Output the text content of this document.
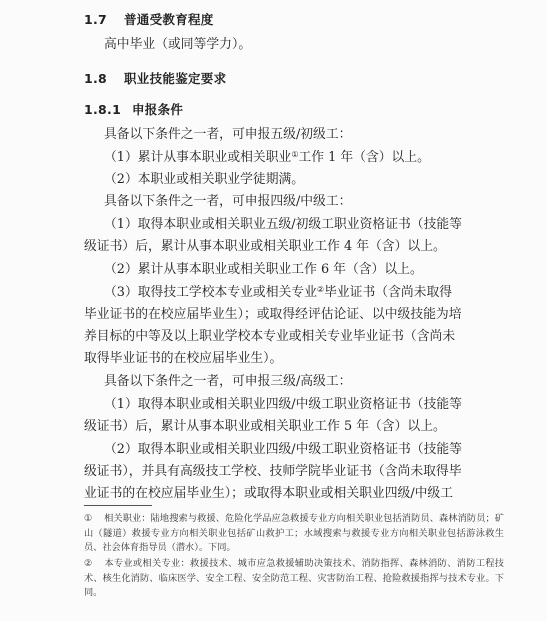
1.7 普通受教育程度
高中毕业（或同等学力）。
1.8 职业技能鉴定要求
1.8.1 申报条件
具备以下条件之一者，可申报五级/初级工：
（1）累计从事本职业或相关职业①工作 1 年（含）以上。
（2）本职业或相关职业学徒期满。
具备以下条件之一者，可申报四级/中级工：
（1）取得本职业或相关职业五级/初级工职业资格证书（技能等
级证书）后，累计从事本职业或相关职业工作 4 年（含）以上。
（2）累计从事本职业或相关职业工作 6 年（含）以上。
（3）取得技工学校本专业或相关专业②毕业证书（含尚未取得
毕业证书的在校应届毕业生）；或取得经评估论证、以中级技能为培
养目标的中等及以上职业学校本专业或相关专业毕业证书（含尚未
取得毕业证书的在校应届毕业生）。
具备以下条件之一者，可申报三级/高级工：
（1）取得本职业或相关职业四级/中级工职业资格证书（技能等
级证书）后，累计从事本职业或相关职业工作 5 年（含）以上。
（2）取得本职业或相关职业四级/中级工职业资格证书（技能等
级证书），并具有高级技工学校、技师学院毕业证书（含尚未取得毕
业证书的在校应届毕业生）；或取得本职业或相关职业四级/中级工
① 相关职业：陆地搜索与救援、危险化学品应急救援专业方向相关职业包括消防员、森林消防员；矿山（隧道）救援专业方向相关职业包括矿山救护工；水域搜索与救援专业方向相关职业包括游泳救生员、社会体育指导员（潜水）。下同。
② 本专业或相关专业：救援技术、城市应急救援辅助决策技术、消防指挥、森林消防、消防工程技术、核生化消防、临床医学、安全工程、安全防范工程、灾害防治工程、抢险救援指挥与技术专业。下同。
